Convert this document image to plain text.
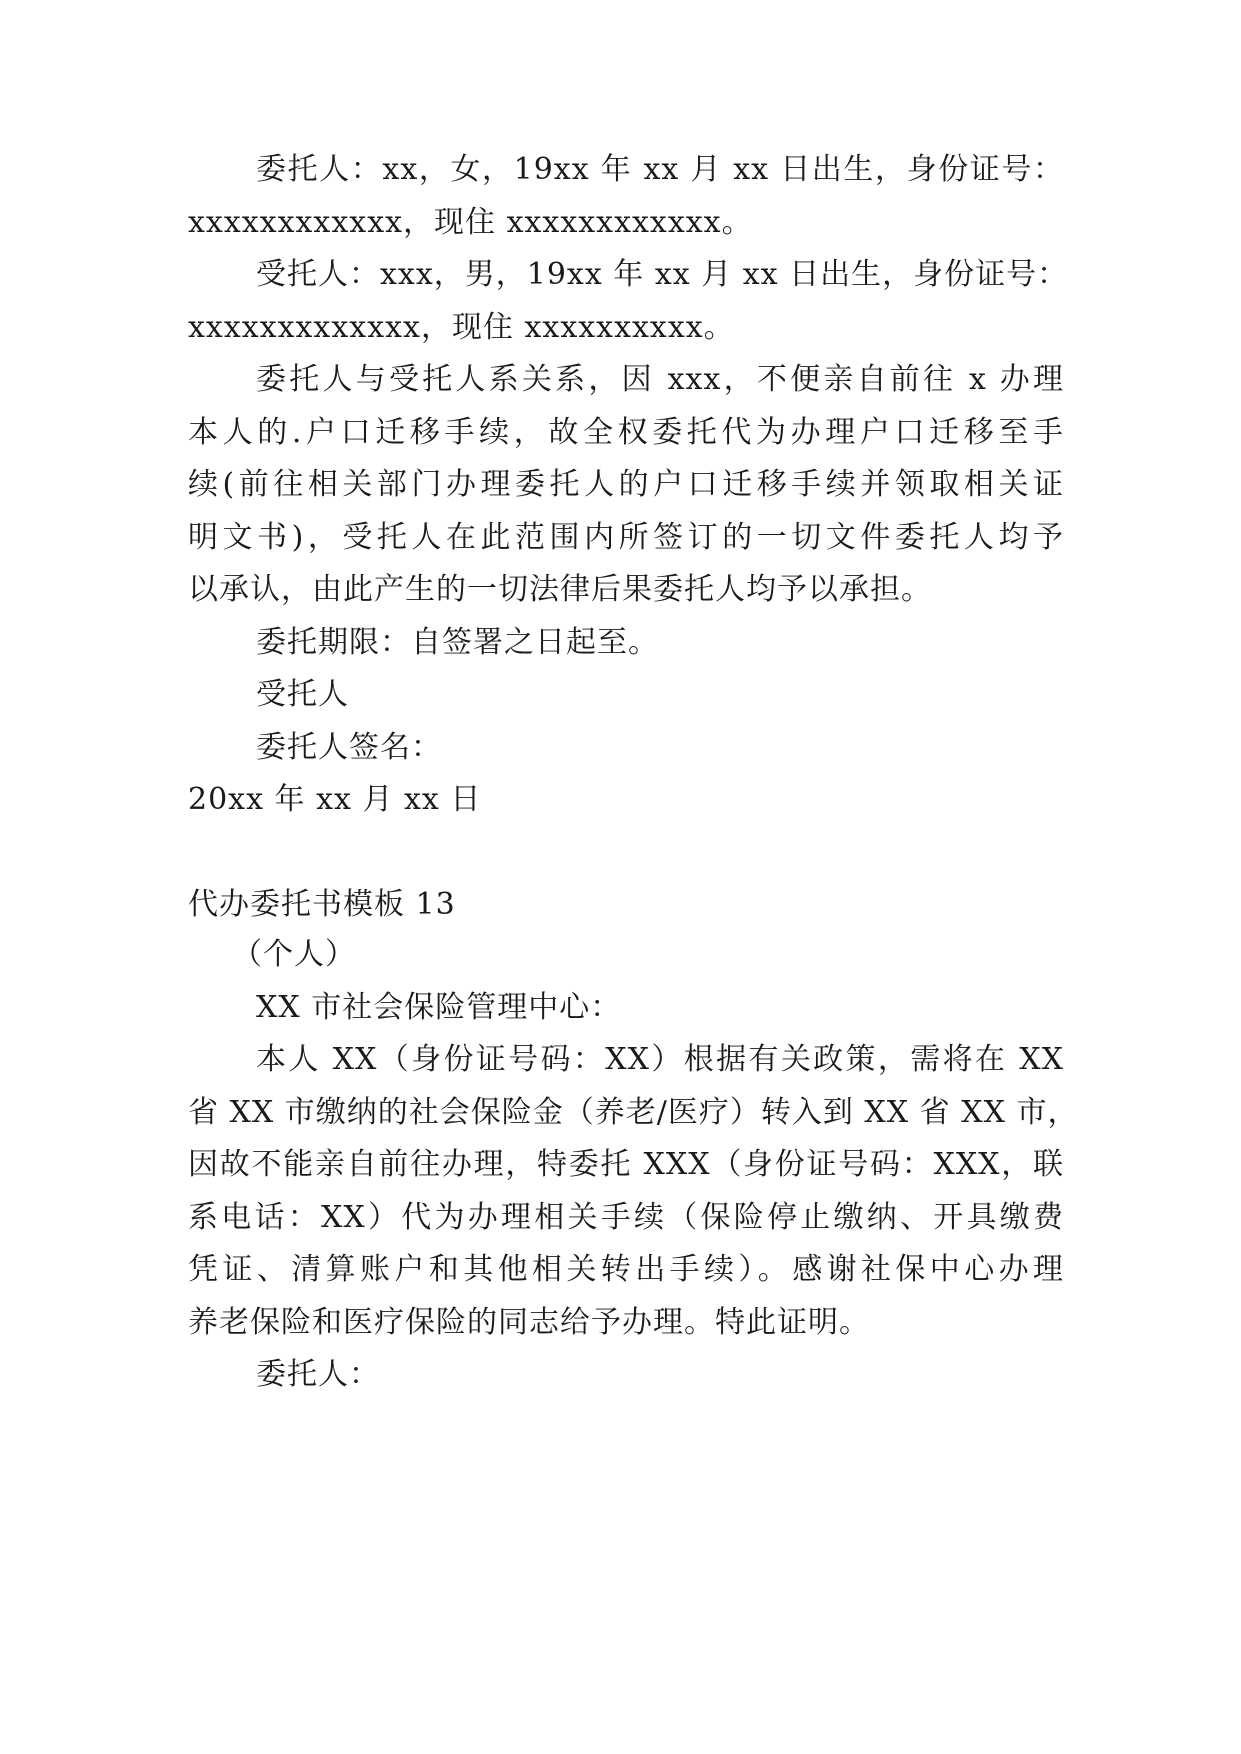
委托人：xx，女，19xx 年 xx 月 xx 日出生，身份证号：
xxxxxxxxxxxx，现住 xxxxxxxxxxxx。
受托人：xxx，男，19xx 年 xx 月 xx 日出生，身份证号：
xxxxxxxxxxxxx，现住 xxxxxxxxxx。
委托人与受托人系关系，因 xxx，不便亲自前往 x 办理
本人的.户口迁移手续，故全权委托代为办理户口迁移至手
续(前往相关部门办理委托人的户口迁移手续并领取相关证
明文书)，受托人在此范围内所签订的一切文件委托人均予
以承认，由此产生的一切法律后果委托人均予以承担。
委托期限：自签署之日起至。
受托人
委托人签名：
20xx 年 xx 月 xx 日
代办委托书模板 13
（个人）
XX 市社会保险管理中心：
本人 XX（身份证号码：XX）根据有关政策，需将在 XX
省 XX 市缴纳的社会保险金（养老/医疗）转入到 XX 省 XX 市，
因故不能亲自前往办理，特委托 XXX（身份证号码：XXX，联
系电话：XX）代为办理相关手续（保险停止缴纳、开具缴费
凭证、清算账户和其他相关转出手续）。感谢社保中心办理
养老保险和医疗保险的同志给予办理。特此证明。
委托人：
